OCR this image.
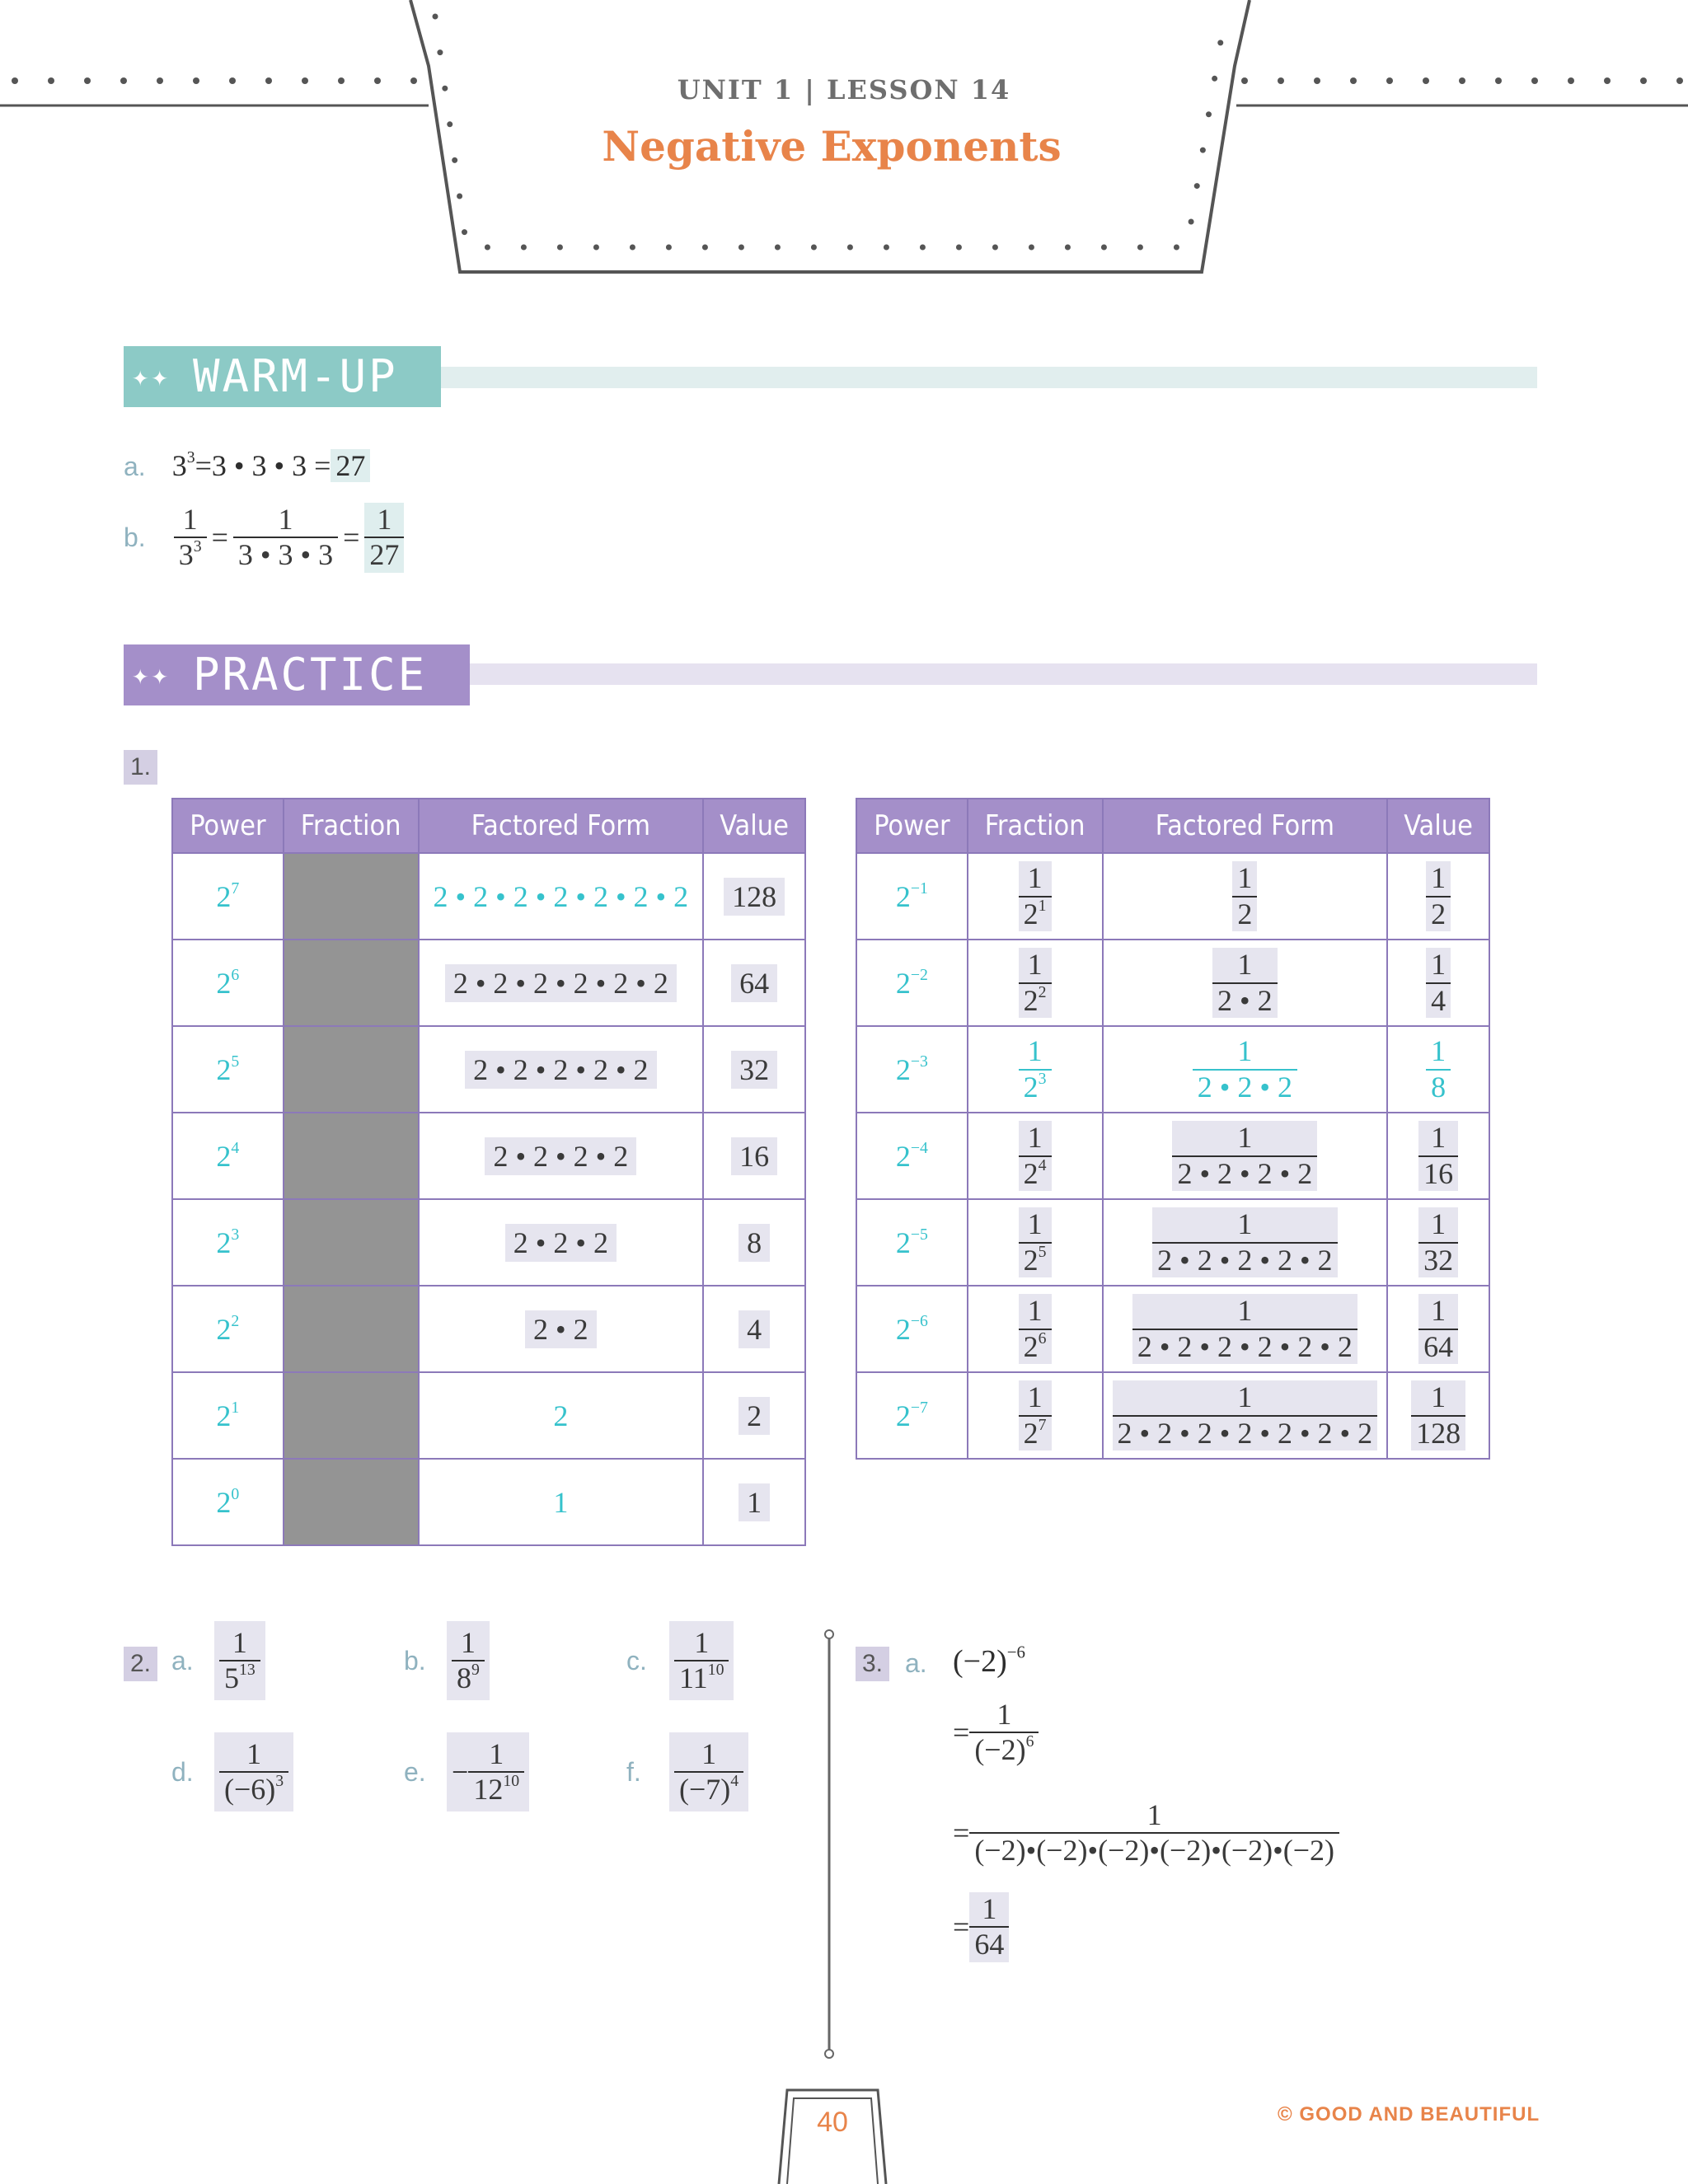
UNIT 1 | LESSON 14
Negative Exponents
✦✦ WARM-UP
a. $3^3=3$ • 3 • 3 = 27
b. $\frac{1}{3^3} = \frac{1}{3 • 3 • 3} = \frac{1}{27}$
✦✦ PRACTICE
1.
Power	Fraction	Factored Form	Value
$2^7$		2 • 2 • 2 • 2 • 2 • 2 • 2	128
$2^6$		2 • 2 • 2 • 2 • 2 • 2	64
$2^5$		2 • 2 • 2 • 2 • 2	32
$2^4$		2 • 2 • 2 • 2	16
$2^3$		2 • 2 • 2	8
$2^2$		2 • 2	4
$2^1$		2	2
$2^0$		1	1
Power	Fraction	Factored Form	Value
$2^{-1}$	$\frac{1}{2^1}$	$\frac{1}{2}$	$\frac{1}{2}$

$2^{-2}$	$\frac{1}{2^2}$	$\frac{1}{2 • 2}$	$\frac{1}{4}$

$2^{-3}$	$\frac{1}{2^3}$	$\frac{1}{2 • 2 • 2}$	$\frac{1}{8}$

$2^{-4}$	$\frac{1}{2^4}$	$\frac{1}{2 • 2 • 2 • 2}$	$\frac{1}{16}$

$2^{-5}$	$\frac{1}{2^5}$	$\frac{1}{2 • 2 • 2 • 2 • 2}$	$\frac{1}{32}$

$2^{-6}$	$\frac{1}{2^6}$	$\frac{1}{2 • 2 • 2 • 2 • 2 • 2}$	$\frac{1}{64}$

$2^{-7}$	$\frac{1}{2^7}$	$\frac{1}{2 • 2 • 2 • 2 • 2 • 2 • 2}$	$\frac{1}{128}$
2. a. $\frac{1}{5^{13}}$	b. $\frac{1}{8^9}$	c. $\frac{1}{11^{10}}$
d. $\frac{1}{(-6)^3}$	e. − $\frac{1}{12^{10}}$	f.	$\frac{1}{(-7)^4}$
3. a. $(-2)^{-6}$
= $\frac{1}{(-2)^6}$
= $\frac{1}{(-2)•(-2)•(-2)•(-2)•(-2)•(-2)}$
= $\frac{1}{64}$
40	© GOOD AND BEAUTIFUL
